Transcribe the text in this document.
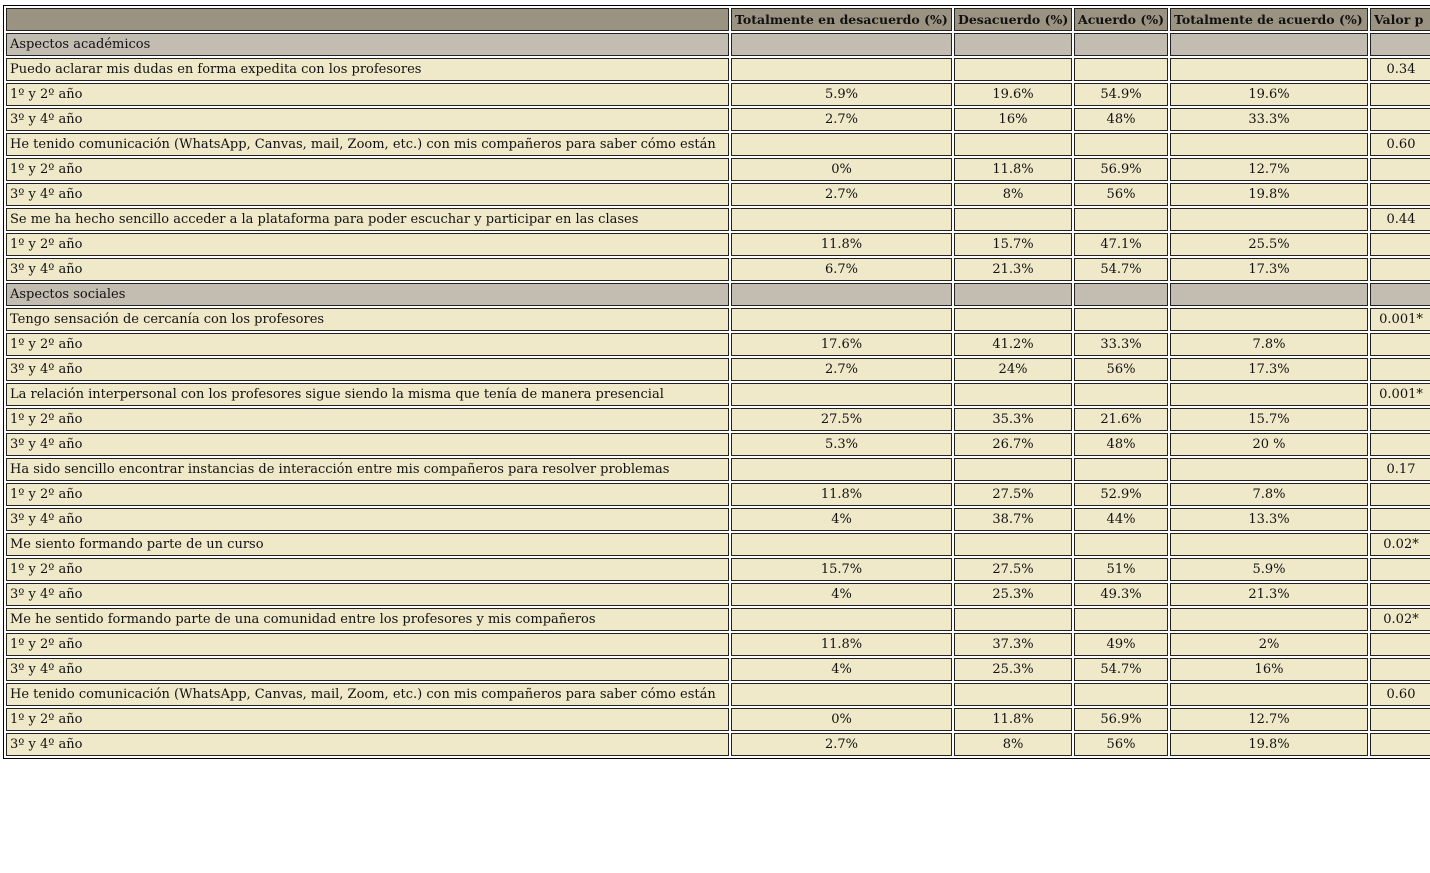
	Totalmente en desacuerdo (%)	Desacuerdo (%)	Acuerdo (%)	Totalmente de acuerdo (%)	Valor p
Aspectos académicos					
Puedo aclarar mis dudas en forma expedita con los profesores					0.34
1º y 2º año	5.9%	19.6%	54.9%	19.6%	
3º y 4º año	2.7%	16%	48%	33.3%	
He tenido comunicación (WhatsApp, Canvas, mail, Zoom, etc.) con mis compañeros para saber cómo están					0.60
1º y 2º año	0%	11.8%	56.9%	12.7%	
3º y 4º año	2.7%	8%	56%	19.8%	
Se me ha hecho sencillo acceder a la plataforma para poder escuchar y participar en las clases					0.44
1º y 2º año	11.8%	15.7%	47.1%	25.5%	
3º y 4º año	6.7%	21.3%	54.7%	17.3%	
Aspectos sociales					
Tengo sensación de cercanía con los profesores					0.001*
1º y 2º año	17.6%	41.2%	33.3%	7.8%	
3º y 4º año	2.7%	24%	56%	17.3%	
La relación interpersonal con los profesores sigue siendo la misma que tenía de manera presencial					0.001*
1º y 2º año	27.5%	35.3%	21.6%	15.7%	
3º y 4º año	5.3%	26.7%	48%	20 %	
Ha sido sencillo encontrar instancias de interacción entre mis compañeros para resolver problemas					0.17
1º y 2º año	11.8%	27.5%	52.9%	7.8%	
3º y 4º año	4%	38.7%	44%	13.3%	
Me siento formando parte de un curso					0.02*
1º y 2º año	15.7%	27.5%	51%	5.9%	
3º y 4º año	4%	25.3%	49.3%	21.3%	
Me he sentido formando parte de una comunidad entre los profesores y mis compañeros					0.02*
1º y 2º año	11.8%	37.3%	49%	2%	
3º y 4º año	4%	25.3%	54.7%	16%	
He tenido comunicación (WhatsApp, Canvas, mail, Zoom, etc.) con mis compañeros para saber cómo están					0.60
1º y 2º año	0%	11.8%	56.9%	12.7%	
3º y 4º año	2.7%	8%	56%	19.8%	
